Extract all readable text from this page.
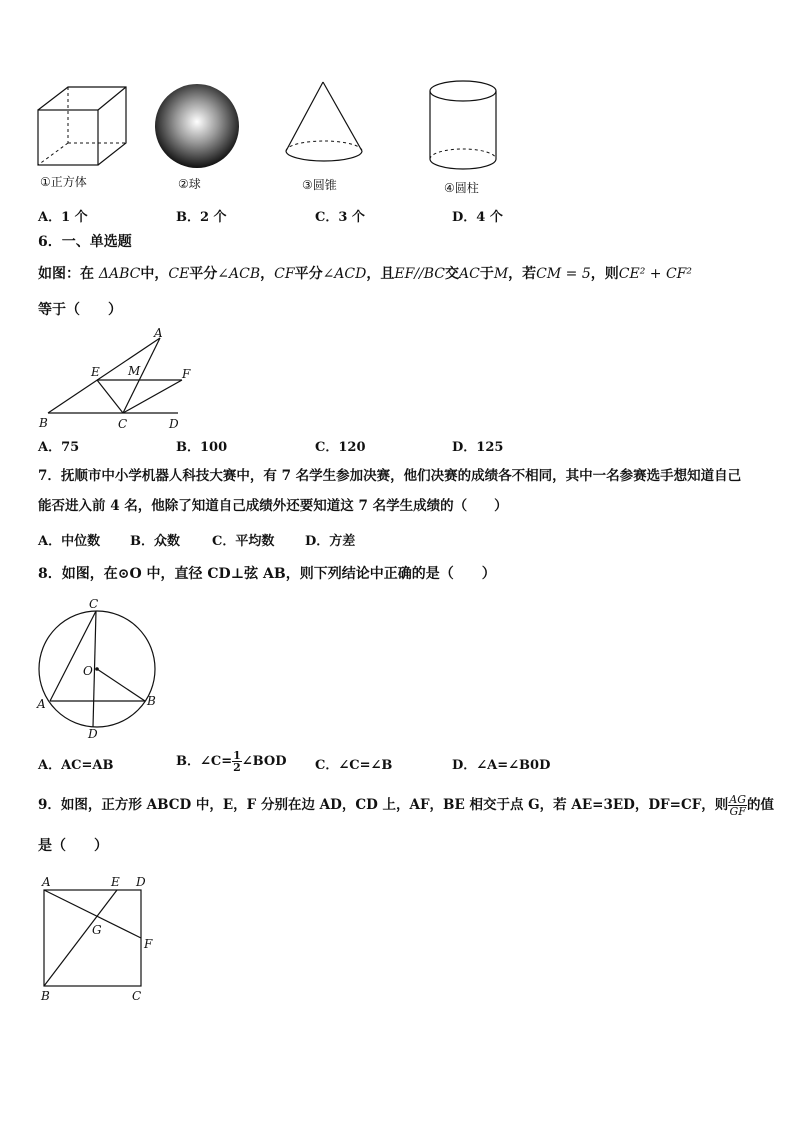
①正方体	②球	③圆锥	④圆柱
A．1 个	B．2 个	C．3 个	D．4 个
6．一、单选题
如图：在 ΔABC中，CE平分∠ACB，CF平分∠ACD，且EF//BC交AC于M，若CM = 5，则CE² + CF²
等于（　　）
A
E M	F
B	C	D
A．75	B．100	C．120	D．125
7．抚顺市中小学机器人科技大赛中，有 7 名学生参加决赛，他们决赛的成绩各不相同，其中一名参赛选手想知道自己
能否进入前 4 名，他除了知道自己成绩外还要知道这 7 名学生成绩的（　　）
A．中位数 B．众数 C．平均数 D．方差
8．如图，在⊙O 中，直径 CD⊥弦 AB，则下列结论中正确的是（　　）
C
O
A	B
D
A．AC=AB	B．∠C= $\frac{1}{2}$ ∠BOD C．∠C=∠B	D．∠A=∠B0D
9．如图，正方形 ABCD 中，E，F 分别在边 AD，CD 上，AF，BE 相交于点 G，若 AE=3ED，DF=CF，则 $\frac{AG}{GF}$ 的值
是（　　）
A	E D
G
F
B	C
